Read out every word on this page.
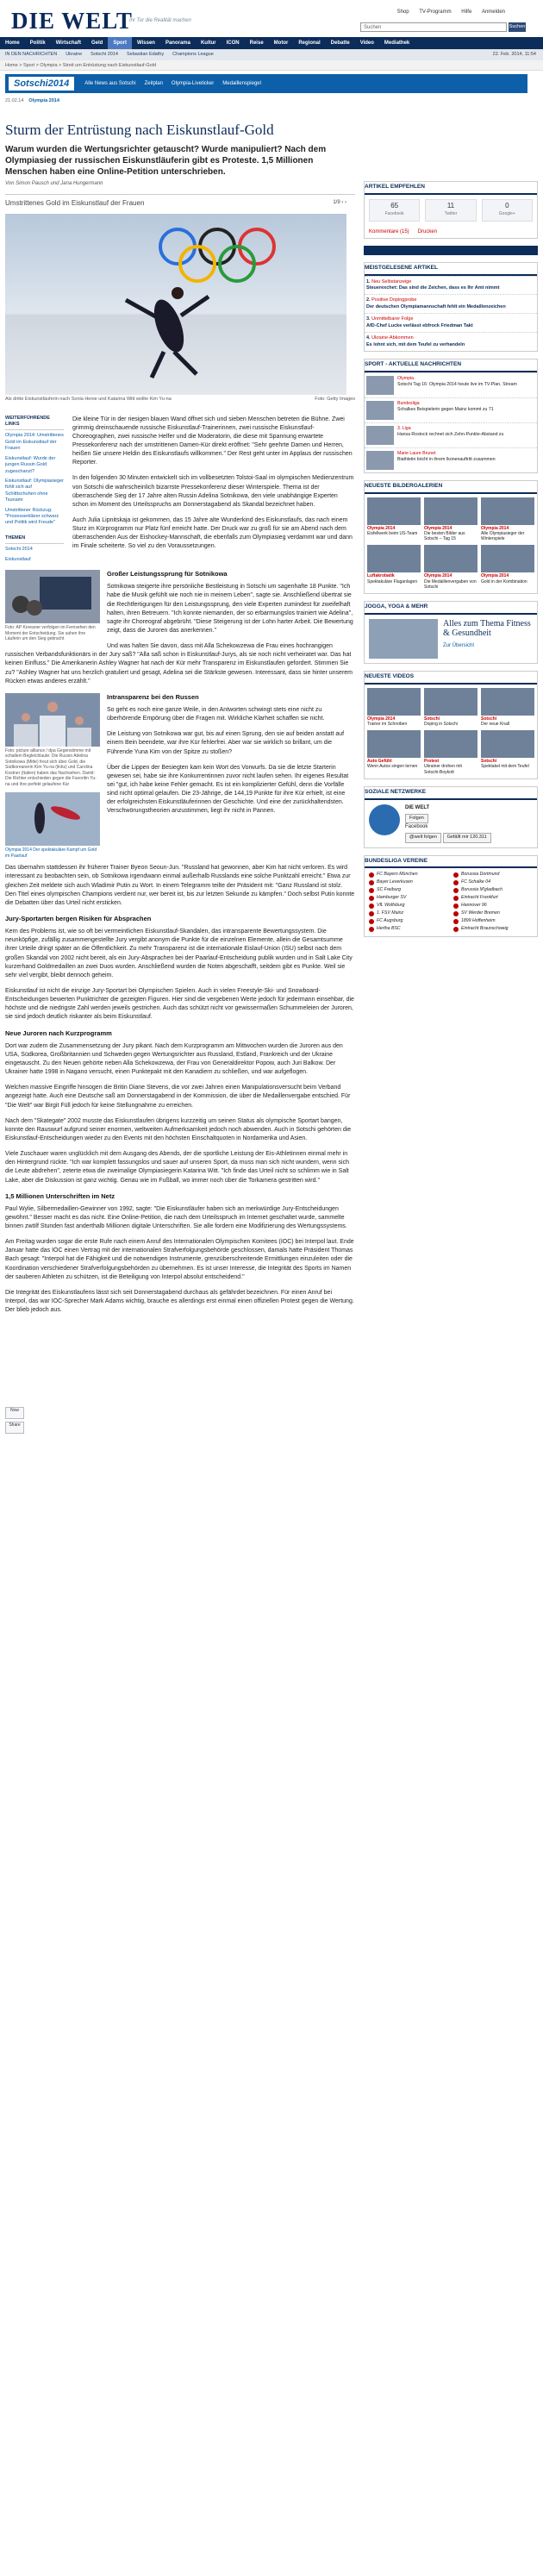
DIE WELT
Ihr Tor die Realität machen
Shop TV-Programm Hilfe Anmelden
Suchen	Suchen
Home	Politik	Wirtschaft	Geld	Sport	Wissen	Panorama	Kultur	ICON	Reise	Motor	Regional	Debatte	Video	Mediathek
IN DEN NACHRICHTEN Ukraine Sotschi 2014 Sebastian Edathy Champions League	22. Feb. 2014, 11:54
Home > Sport > Olympia > Streit um Entrüstung nach Eiskunstlauf-Gold
Sotschi2014	Alle News aus Sotschi Zeitplan Olympia-Liveticker Medaillenspiegel
21.02.14 Olympia 2014
Sturm der Entrüstung nach Eiskunstlauf-Gold
Warum wurden die Wertungsrichter getauscht? Wurde manipuliert? Nach dem Olympiasieg der russischen Eiskunstläuferin gibt es Proteste. 1,5 Millionen Menschen haben eine Online-Petition unterschrieben.
Von Simon Pausch und Jana Hungermann
Umstrittenes Gold im Eiskunstlauf der Frauen	1/9 ‹ ›
Als dritte Eiskunstläuferin nach Sonia Henie und Katarina Witt wollte Kim Yu-na	Foto: Getty Images
WEITERFÜHRENDE LINKS
Olympia 2014: Umstrittenes Gold im Eiskunstlauf der Frauen
Eiskunstlauf: Wurde der jungen Russin Gold zugeschanzt?
Eiskunstlauf: Olympiasieger fühlt sich auf Schlittschuhen ohne Tsunami
Umstrittener Rückzug: "Prozesserklärer schwarz und Politik wird Freude"
THEMEN
Sotschi 2014
Eiskunstlauf

Die kleine Tür in der riesigen blauen Wand öffnet sich und sieben Menschen betreten die Bühne. Zwei grimmig dreinschauende russische Eiskunstlauf-Trainerinnen, zwei russische Eiskunstlauf-Choreographen, zwei russische Helfer und die Moderatorin, die diese mit Spannung erwartete Pressekonferenz nach der umstrittenen Damen-Kür direkt eröffnet: "Sehr geehrte Damen und Herren, heißen Sie unsere Heldin des Eiskunstlaufs willkommen." Der Rest geht unter im Applaus der russischen Reporter.

In den folgenden 30 Minuten entwickelt sich im vollbesetzten Tolstoi-Saal im olympischen Medienzentrum von Sotschi die wahrscheinlich bizarrste Pressekonferenz dieser Winterspiele. Thema ist der überraschende Sieg der 17 Jahre alten Russin Adelina Sotnikowa, den viele unabhängige Experten schon im Moment des Urteilsspruchs am Donnerstagabend als Skandal bezeichnet haben.

Auch Julia Lipnitskaja ist gekommen, das 15 Jahre alte Wunderkind des Eiskunstlaufs, das nach einem Sturz im Kürprogramm nur Platz fünf erreicht hatte. Der Druck war zu groß für sie am Abend nach dem überraschenden Aus der Eishockey-Mannschaft, die ebenfalls zum Olympiasieg verdammt war und dann im Finale scheiterte. So viel zu den Voraussetzungen.

Foto: AP Koreaner verfolgen im Fernsehen den Moment der Entscheidung. Sie sahen ihre Läuferin um den Sieg gebracht
Großer Leistungssprung für Sotnikowa

Sotnikowa steigerte ihre persönliche Bestleistung in Sotschi um sagenhafte 18 Punkte. "Ich habe die Musik gefühlt wie noch nie in meinem Leben", sagte sie. Anschließend übertrat sie die Rechtfertigungen für den Leistungssprung, den viele Experten zumindest für zweifelhaft halten, ihren Betreuern. "Ich konnte niemanden, der so erbarmungslos trainiert wie Adelina", sagte ihr Choreograf abgebrüht. "Diese Steigerung ist der Lohn harter Arbeit. Die Bewertung zeigt, dass die Juroren das anerkennen."

Und was halten Sie davon, dass mit Alla Schekowzewa die Frau eines hochrangigen russischen Verbandsfunktionärs in der Jury saß? "Alla saß schon in Eiskunstlauf-Jurys, als sie noch nicht verheiratet war. Das hat keinen Einfluss." Die Amerikanerin Ashley Wagner hat nach der Kür mehr Transparenz im Eiskunstlaufen gefordert. Stimmen Sie zu? "Ashley Wagner hat uns herzlich gratuliert und gesagt, Adelina sei die Stärkste gewesen. Interessant, dass sie hinter unserem Rücken etwas anderes erzählt."

Foto: picture alliance / dpa Gegenstimme mit schallem Begleichlaute: Die Russin Adelina Sotnikowa (Mitte) freut sich über Gold, die Südkoreanerin Kim Yu-na (links) und Carolina Kostner (Italien) haben das Nachsehen. Damit: Die Richter entschieden gegen die Favoritin Yu-na und ihre perfekt gelaufene Kür
Intransparenz bei den Russen

So geht es noch eine ganze Weile, in den Antworten schwingt stets eine nicht zu überhörende Empörung über die Fragen mit. Wirkliche Klarheit schaffen sie nicht.

Die Leistung von Sotnikowa war gut, bis auf einen Sprung, den sie auf beiden anstatt auf einem Bein beendete, war ihre Kür fehlerfrei. Aber war sie wirklich so brillant, um die Führende Yuna Kim von der Spitze zu stoßen?

Olympia 2014 Der spektakuläre Kampf um Gold im Paarlauf

Über die Lippen der Besiegten kam kein Wort des Vorwurfs. Da sie die letzte Starterin gewesen sei, habe sie ihre Konkurrentinnen zuvor nicht laufen sehen. Ihr eigenes Resultat sei "gut, ich habe keine Fehler gemacht. Es ist ein komplizierter Gefühl, denn die Vorfälle sind nicht optimal gelaufen. Die 23-Jährige, die 144,19 Punkte für ihre Kür erhielt, ist eine der erfolgreichsten Eiskunstläuferinnen der Geschichte. Und eine der zurückhaltendsten. Verschwörungstheorien anzustimmen, liegt ihr nicht in Pannen.

Das übernahm stattdessen ihr früherer Trainer Byeon Seoun-Jun. "Russland hat gewonnen, aber Kim hat nicht verloren. Es wird interessant zu beobachten sein, ob Sotnikowa irgendwann einmal außerhalb Russlands eine solche Punktzahl erreicht." Etwa zur gleichen Zeit meldete sich auch Wladimir Putin zu Wort. In einem Telegramm teilte der Präsident mit: "Ganz Russland ist stolz. Den Titel eines olympischen Champions verdient nur, wer bereit ist, bis zur letzten Sekunde zu kämpfen." Doch selbst Putin konnte die Debatten über das Urteil nicht ersticken.

Jury-Sportarten bergen Risiken für Absprachen

Kern des Problems ist, wie so oft bei vermeintlichen Eiskunstlauf-Skandalen, das intransparente Bewertungssystem. Die neunköpfige, zufällig zusammengestellte Jury vergibt anonym die Punkte für die einzelnen Elemente, allein die Gesamtsumme ihrer Urteile dringt später an die Öffentlichkeit. Zu mehr Transparenz ist die internationale Eislauf-Union (ISU) selbst nach dem großen Skandal von 2002 nicht bereit, als ein Jury-Absprachen bei der Paarlauf-Entscheidung publik wurden und in Salt Lake City kurzerhand Goldmedaillen an zwei Duos wurden. Anschließend wurden die Noten abgeschafft, seitdem gibt es Punkte. Weil sie sehr viel vergibt, bleibt dennoch geheim.

Eiskunstlauf ist nicht die einzige Jury-Sportart bei Olympischen Spielen. Auch in vielen Freestyle-Ski- und Snowboard-Entscheidungen bewerten Punktrichter die gezeigten Figuren. Hier sind die vergebenen Werte jedoch für jedermann einsehbar, die höchste und die niedrigste Zahl werden jeweils gestrichen. Auch das schützt nicht vor gewissermaßen Schummeleien der Juroren, sie sind jedoch deutlich riskanter als beim Eiskunstlauf.

Neue Juroren nach Kurzprogramm

Dort war zudem die Zusammensetzung der Jury pikant. Nach dem Kurzprogramm am Mittwochen wurden die Juroren aus den USA, Südkorea, Großbritannien und Schweden gegen Wertungsrichter aus Russland, Estland, Frankreich und der Ukraine eingetauscht. Zu den Neuen gehörte neben Alla Schekowzewa, der Frau von Generaldirektor Popow, auch Juri Balkow. Der Ukrainer hatte 1998 in Nagano versucht, einen Punktepakt mit den Kanadiern zu schließen, und war aufgeflogen.

Welchen massive Eingriffe hinsogen die Britin Diane Stevens, die vor zwei Jahren einen Manipulationsversucht beim Verband angezeigt hatte. Auch eine Deutsche saß am Donnerstagabend in der Kommission, die über die Medaillenvergabe entschied. Für "Die Welt" war Birgit Füll jedoch für keine Stellungnahme zu erreichen.

Nach dem "Skategate" 2002 musste das Eiskunstlaufen übrigens kurzzeitig um seinen Status als olympische Sportart bangen, konnte den Rauswurf aufgrund seiner enormen, weltweiten Aufmerksamkeit jedoch noch abwenden. Auch in Sotschi gehörten die Eiskunstlauf-Entscheidungen wieder zu den Events mit den höchsten Einschaltquoten in Nordamerika und Asien.

Viele Zuschauer waren unglücklich mit dem Ausgang des Abends, der die sportliche Leistung der Eis-Athletinnen einmal mehr in den Hintergrund rückte. "Ich war komplett fassungslos und sauer auf unseren Sport, da muss man sich nicht wundern, wenn sich die Leute abdrehen", zeterte etwa die zweimalige Olympiasiegerin Katarina Witt. "Ich finde das Urteil nicht so schlimm wie in Salt Lake, aber die Diskussion ist ganz wichtig. Genau wie im Fußball, wo immer noch über die Torkamera gestritten wird."

1,5 Millionen Unterschriften im Netz

Paul Wylie, Silbermedaillen-Gewinner von 1992, sagte: "Die Eiskunstläufer haben sich an merkwürdige Jury-Entscheidungen gewöhnt." Besser macht es das nicht. Eine Online-Petition, die nach dem Urteilsspruch im Internet geschaltet wurde, sammelte binnen zwölf Stunden fast anderthalb Millionen digitale Unterschriften. Sie alle fordern eine Modifizierung des Wertungssystems.

Am Freitag wurden sogar die erste Rufe nach einem Anruf des Internationalen Olympischen Komitees (IOC) bei Interpol laut. Ende Januar hatte das IOC einen Vertrag mit der internationalen Strafverfolgungsbehörde geschlossen, damals hatte Präsident Thomas Bach gesagt: "Interpol hat die Fähigkeit und die notwendigen Instrumente, grenzüberschreitende Ermittlungen einzuleiten oder die Koordination verschiedener Strafverfolgungsbehörden zu übernehmen. Es ist unser Interesse, die Integrität des Sports im Namen der sauberen Athleten zu schützen, ist die Beteiligung von Interpol absolut entscheidend."

Die Integrität des Eiskunstlaufens lässt sich seit Donnerstagabend durchaus als gefährdet bezeichnen. Für einen Anruf bei Interpol, das war IOC-Sprecher Mark Adams wichtig, brauche es allerdings erst einmal einen offiziellen Protest gegen die Wertung. Der blieb jedoch aus.

Now
Share
ARTIKEL EMPFEHLEN
65
Facebook
11
Twitter
0
Google+
Kommentare (15) Drucken
MEISTGELESENE ARTIKEL
1. Neu Selbstanzeige
Steuerexchet: Das sind die Zeichen, dass es Ihr Amt nimmt
2. Positive Dopingprobe
Der deutschen Olympiamannschaft fehlt ein Medaillenzeichen
3. Unmittelbarer Folge
AfD-Chef Lucke verlässt ebfrock Friedman Takt
4. Ukraine-Abkommen
Es lohnt sich, mit dem Teufel zu verhandeln
SPORT - AKTUELLE NACHRICHTEN
Olympia
Sotschi Tag 16: Olympia 2014 heute live im TV-Plan, Stream
Bundesliga
Schalkes Beispielerin gegen Mainz kommt zu 71
3. Liga
Hansa Rostock rechnet sich Zehn-Punkte-Abstand zu
Marie Laure Brunet
Biathletin bricht in ihrem Ikonenauftritt zusammen
NEUESTE BILDERGALERIEN
Olympia 2014
Eisfellwerk beim US-Team
Olympia 2014
Die besten Bilder aus Sotschi – Tag 15
Olympia 2014
Alle Olympiasieger der Winterspiele
Luftakrobatik
Spektakuläre Fluganlagen
Olympia 2014
Die Medaillenvergaben von Sotschi
Olympia 2014
Gold in der Kombination
JOGGA, YOGA & MEHR
Alles zum Thema Fitness & Gesundheit
Zur Übersicht
NEUESTE VIDEOS
Olympia 2014
Trainer im Schreiben
Sotschi
Doping in Sotschi
Sotschi
Der neue Knall
Auto Gefühl
Wenn Autos singen lernen
Protest
Ukrainer drohen mit Sotschi-Boykott
Sotschi
Spektakel mit dem Teufel
SOZIALE NETZWERKE
DIE WELT
Folgen
Facebook
@welt folgen Gefällt mir 120.311
BUNDESLIGA VEREINE
FC Bayern München	Borussia Dortmund
Bayer Leverkusen	FC Schalke 04
SC Freiburg	Borussia M'gladbach
Hamburger SV	Eintracht Frankfurt
VfL Wolfsburg	Hannover 96
1. FSV Mainz	SV Werder Bremen
FC Augsburg	1899 Hoffenheim
Hertha BSC	Eintracht Braunschweig
